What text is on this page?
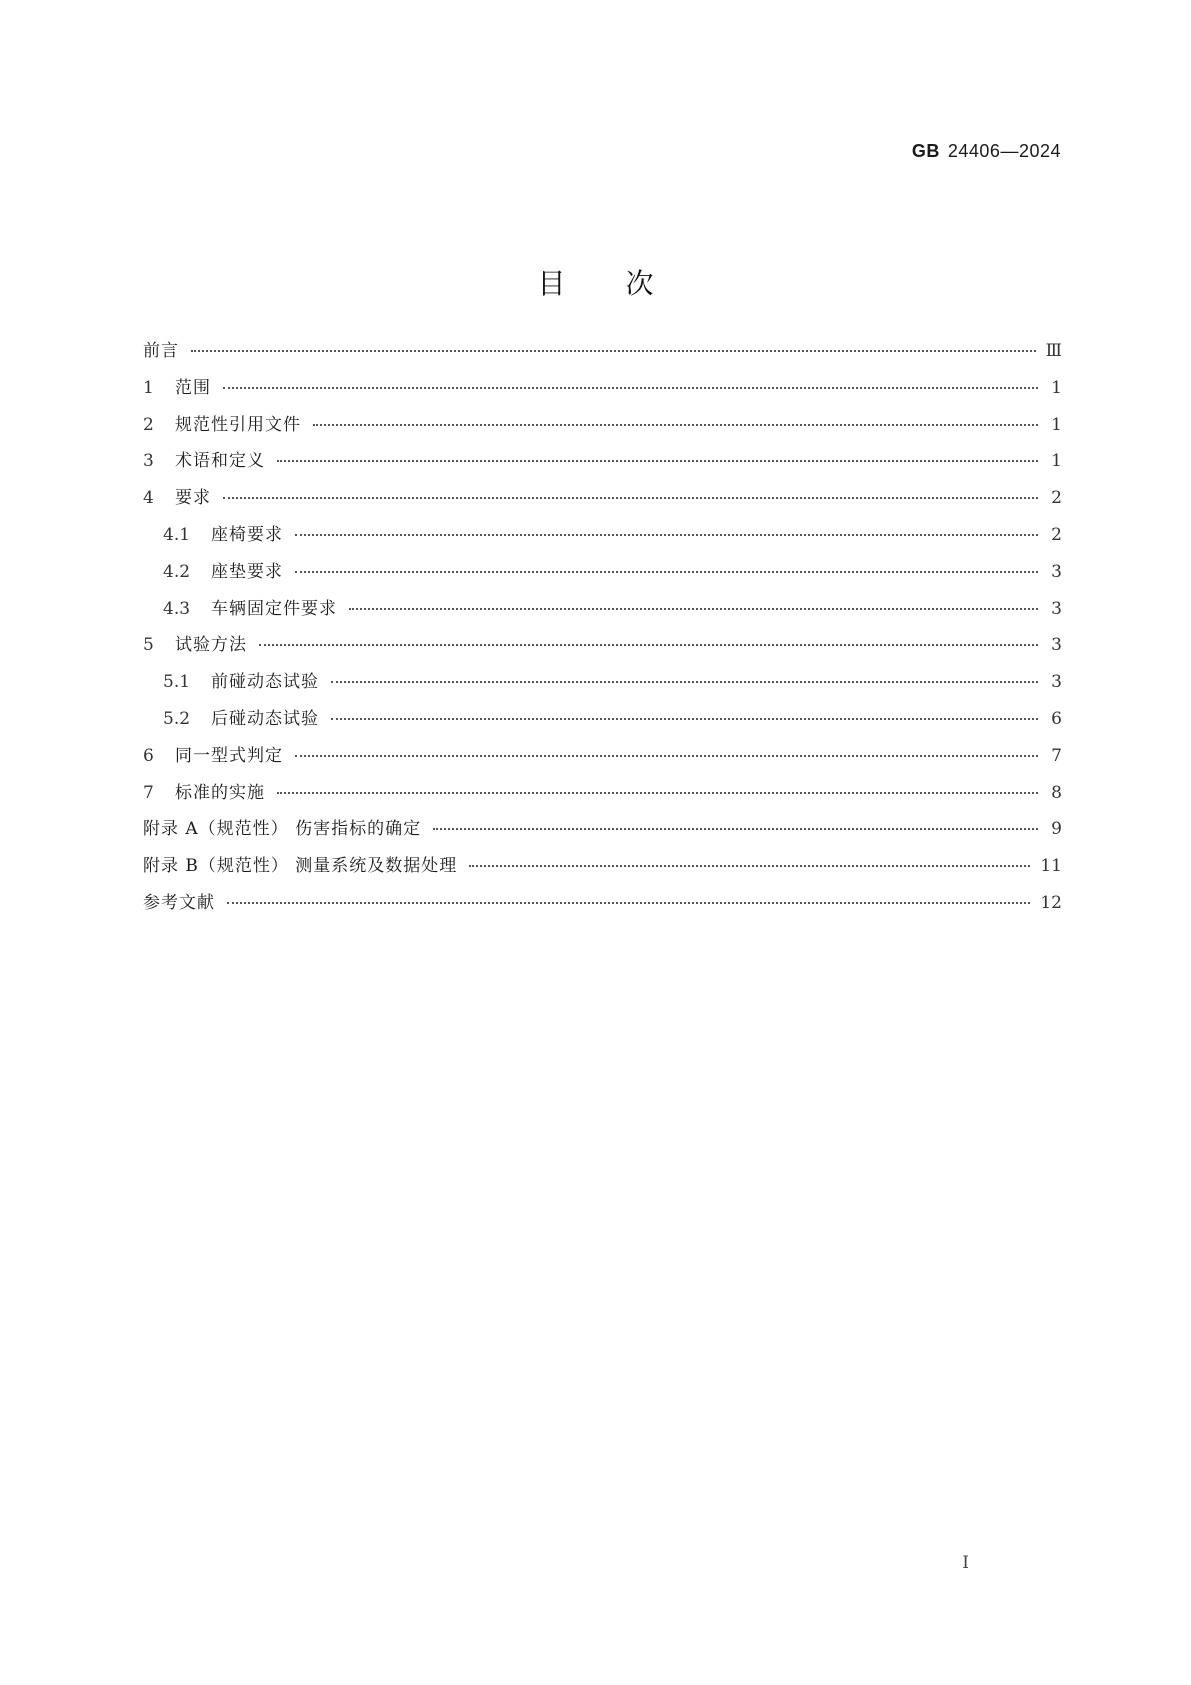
GB 24406—2024
目次
前言	Ⅲ
1	范围	1
2	规范性引用文件	1
3	术语和定义	1
4	要求	2
4.1	座椅要求	2
4.2	座垫要求	3
4.3	车辆固定件要求	3
5	试验方法	3
5.1	前碰动态试验	3
5.2	后碰动态试验	6
6	同一型式判定	7
7	标准的实施	8
附录 A（规范性） 伤害指标的确定	9
附录 B（规范性） 测量系统及数据处理	11
参考文献	12
I
